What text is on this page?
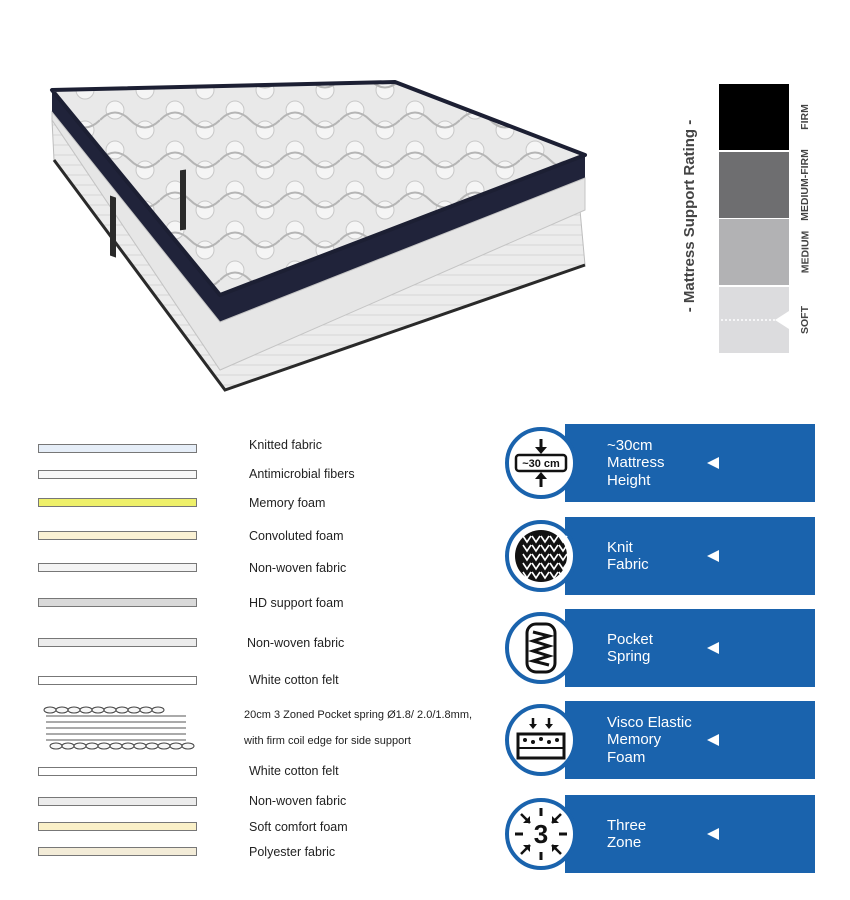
- Mattress Support Rating -
FIRM
MEDIUM-FIRM
MEDIUM
SOFT
Knitted fabric
Antimicrobial fibers
Memory foam
Convoluted foam
Non-woven fabric
HD support foam
Non-woven fabric
White cotton felt
White cotton felt
Non-woven fabric
Soft comfort foam
Polyester fabric
20cm 3 Zoned Pocket spring Ø1.8/ 2.0/1.8mm,
with firm coil edge for side support
~30 cm
~30cm
Mattress
Height
Knit
Fabric
Pocket
Spring
Visco Elastic
Memory
Foam
3	Three
Zone
